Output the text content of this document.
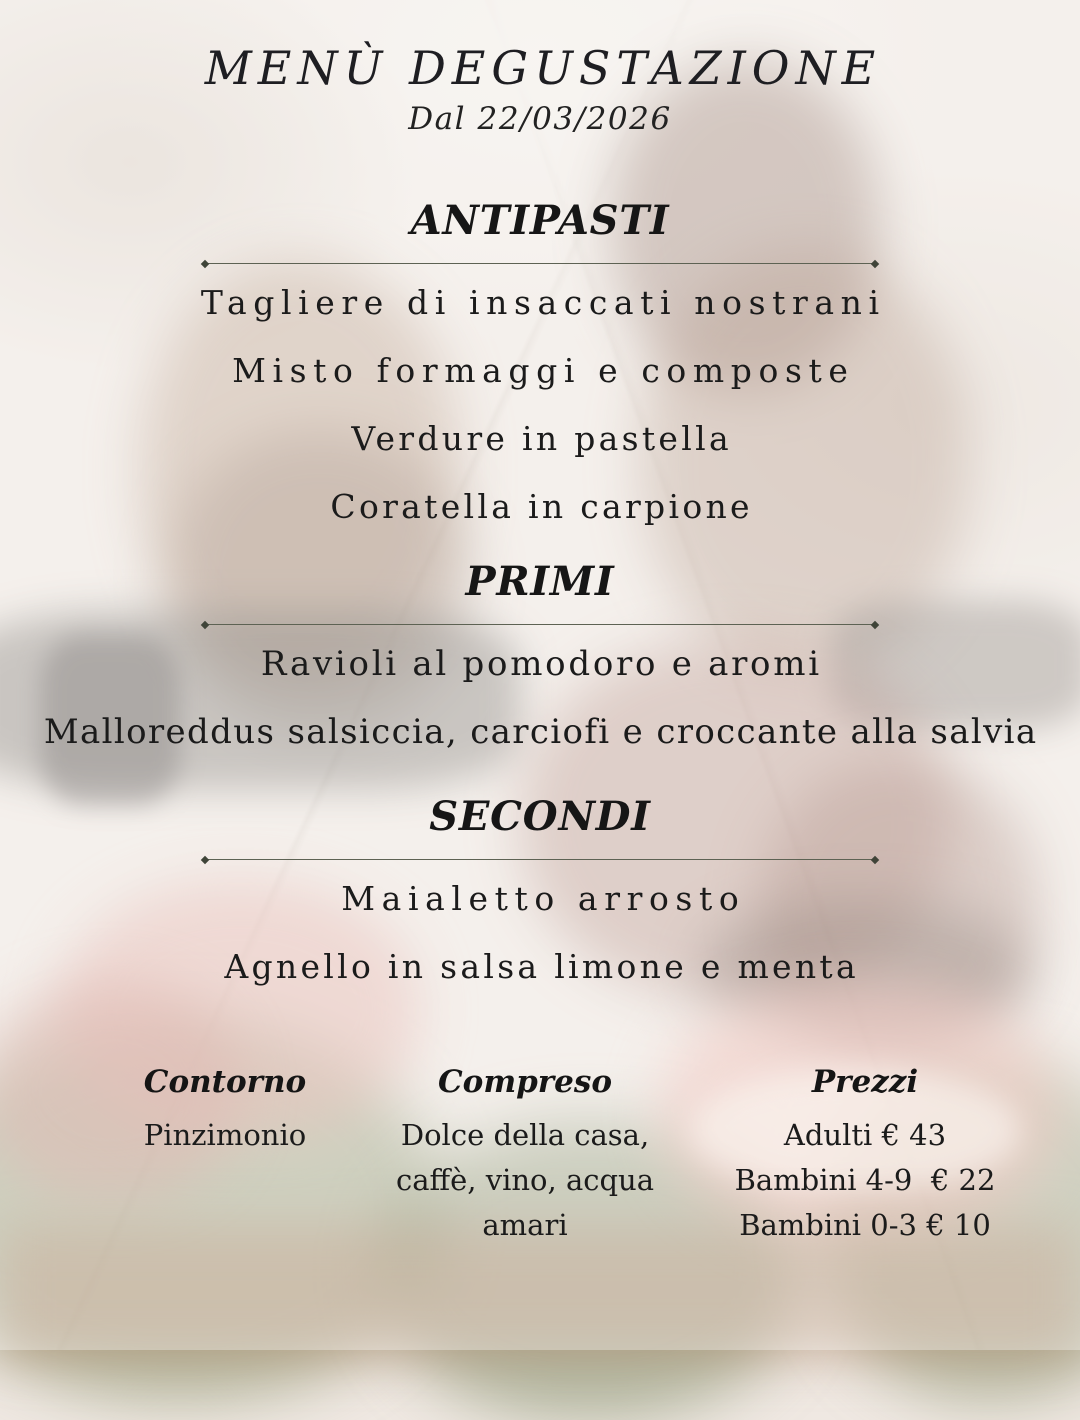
MENÙ DEGUSTAZIONE
Dal 22/03/2026
ANTIPASTI
Tagliere di insaccati nostrani
Misto formaggi e composte
Verdure in pastella
Coratella in carpione
PRIMI
Ravioli al pomodoro e aromi
Malloreddus salsiccia, carciofi e croccante alla salvia
SECONDI
Maialetto arrosto
Agnello in salsa limone e menta
Contorno
Pinzimonio
Compreso
Dolce della casa,
caffè, vino, acqua
amari
Prezzi
Adulti € 43
Bambini 4-9  € 22
Bambini 0-3 € 10
